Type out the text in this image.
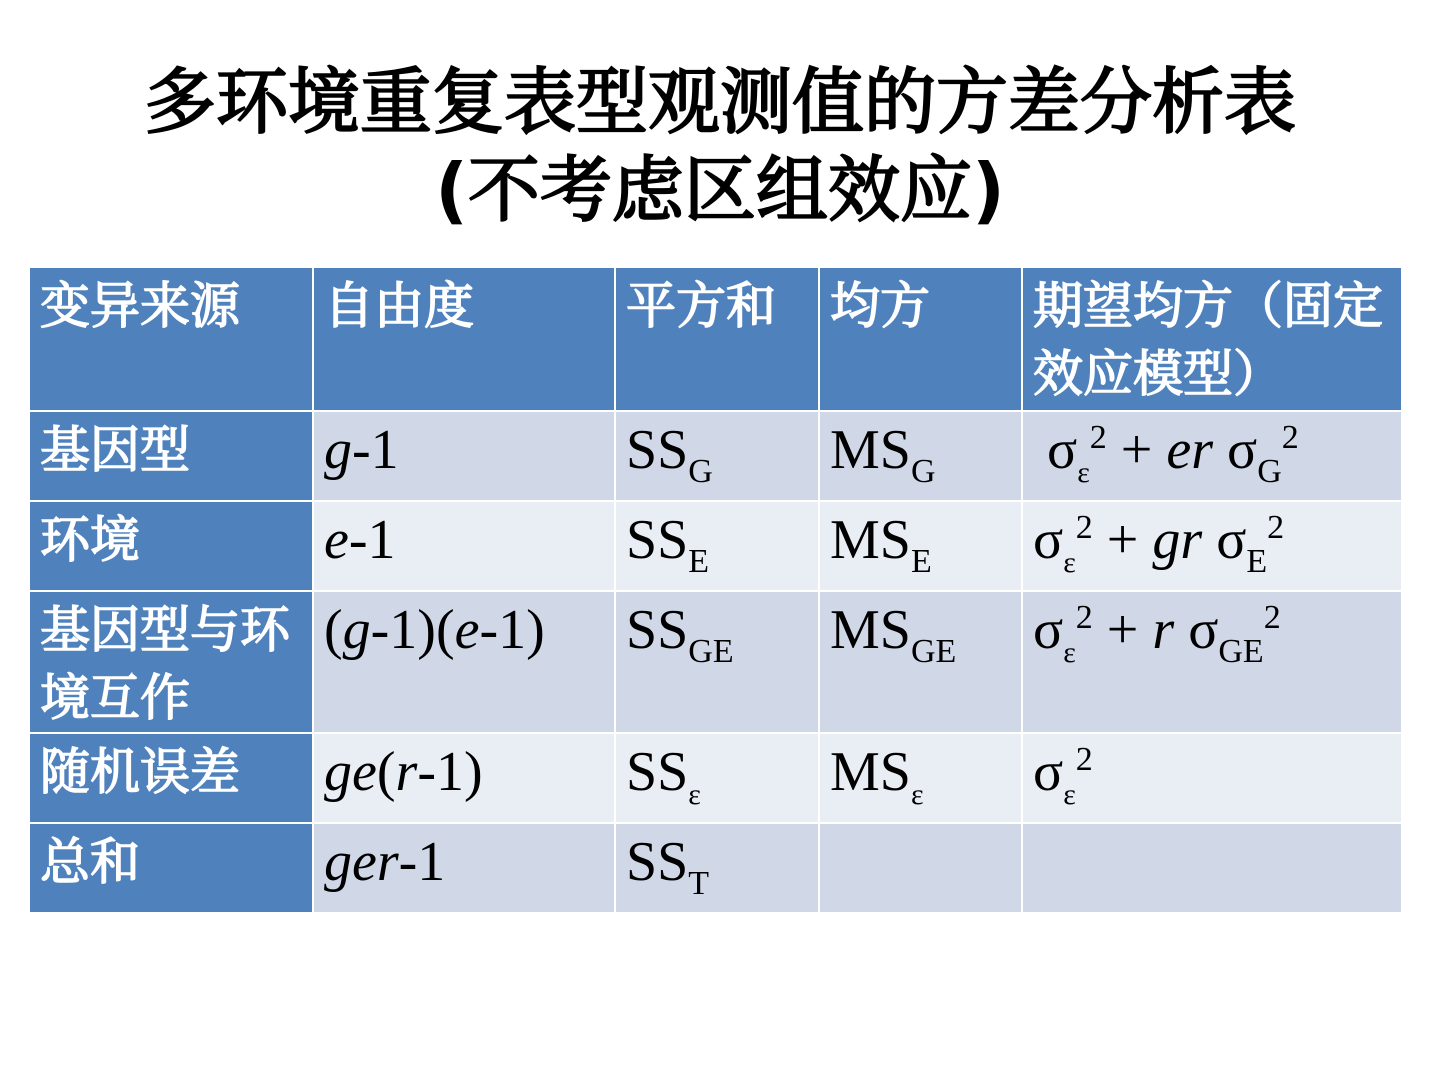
多环境重复表型观测值的方差分析表
(不考虑区组效应)
变异来源	自由度	平方和	均方	期望均方（固定效应模型）
基因型	g-1	$SS_G$	$MS_G$	$\sigma_\varepsilon^2$ + er $\sigma_G^2$
环境	e-1	$SS_E$	$MS_E$	$\sigma_\varepsilon^2$ + gr $\sigma_E^2$
基因型与环境互作	(g-1)(e-1)	$SS_{GE}$	$MS_{GE}$	$\sigma_\varepsilon^2 + r$ $\sigma_{GE}^2$
随机误差	ge(r-1)	$SS_\varepsilon$	$MS_\varepsilon$	$\sigma_\varepsilon^2$
总和	ger-1	$SS_T$		
